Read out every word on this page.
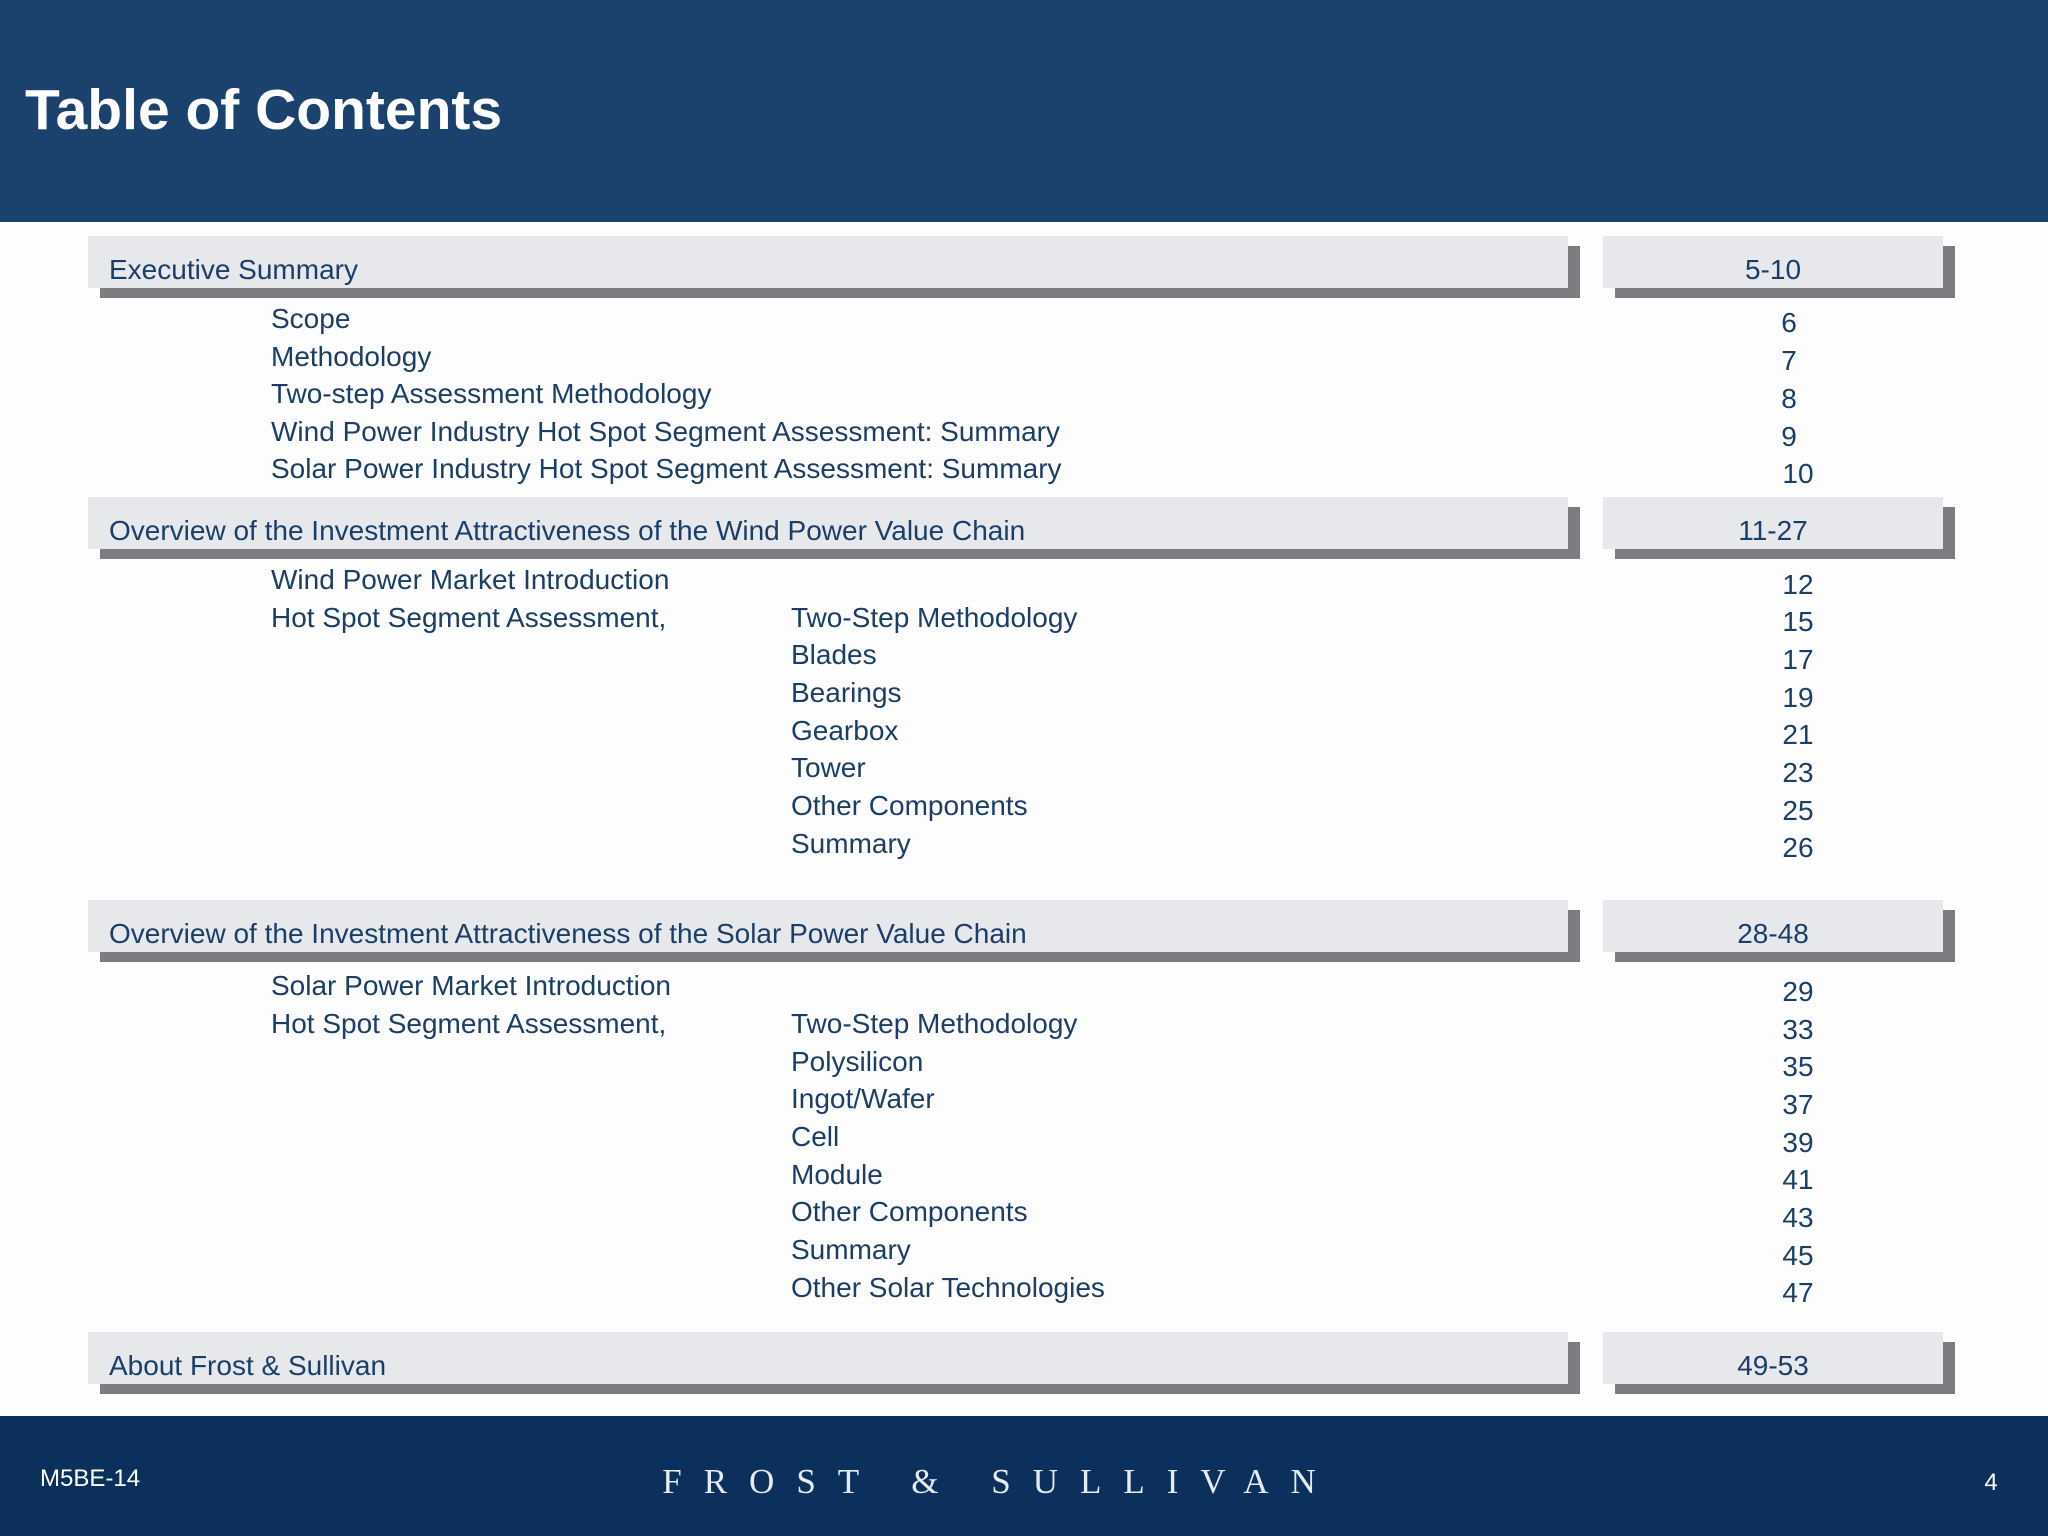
Table of Contents
Executive Summary	5-10
Scope	6
Methodology	7
Two-step Assessment Methodology	8
Wind Power Industry Hot Spot Segment Assessment: Summary	9
Solar Power Industry Hot Spot Segment Assessment: Summary	10
Overview of the Investment Attractiveness of the Wind Power Value Chain	11-27
Wind Power Market Introduction	12
Hot Spot Segment Assessment,	Two-Step Methodology	15
Blades	17
Bearings	19
Gearbox	21
Tower	23
Other Components	25
Summary	26
Overview of the Investment Attractiveness of the Solar Power Value Chain	28-48
Solar Power Market Introduction	29
Hot Spot Segment Assessment,	Two-Step Methodology	33
Polysilicon	35
Ingot/Wafer	37
Cell	39
Module	41
Other Components	43
Summary	45
Other Solar Technologies	47
About Frost & Sullivan	49-53
M5BE-14	FROST & SULLIVAN	4
